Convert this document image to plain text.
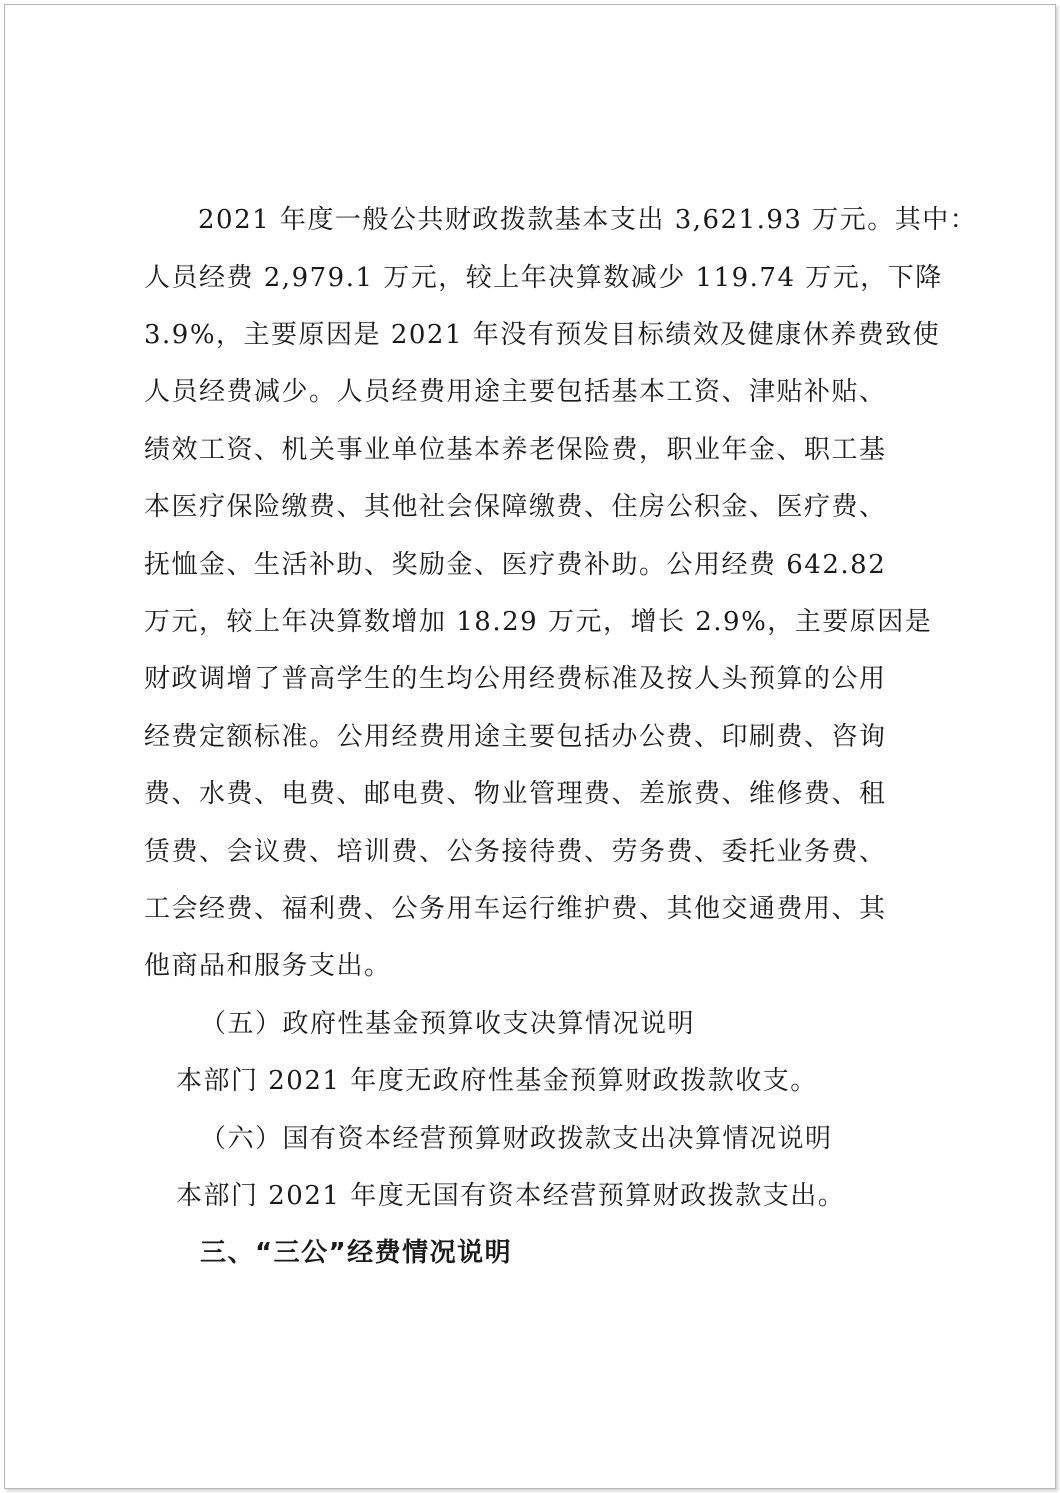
2021 年度一般公共财政拨款基本支出 3,621.93 万元。其中：
人员经费 2,979.1 万元，较上年决算数减少 119.74 万元，下降
3.9%，主要原因是 2021 年没有预发目标绩效及健康休养费致使
人员经费减少。人员经费用途主要包括基本工资、津贴补贴、
绩效工资、机关事业单位基本养老保险费，职业年金、职工基
本医疗保险缴费、其他社会保障缴费、住房公积金、医疗费、
抚恤金、生活补助、奖励金、医疗费补助。公用经费 642.82
万元，较上年决算数增加 18.29 万元，增长 2.9%，主要原因是
财政调增了普高学生的生均公用经费标准及按人头预算的公用
经费定额标准。公用经费用途主要包括办公费、印刷费、咨询
费、水费、电费、邮电费、物业管理费、差旅费、维修费、租
赁费、会议费、培训费、公务接待费、劳务费、委托业务费、
工会经费、福利费、公务用车运行维护费、其他交通费用、其
他商品和服务支出。
（五）政府性基金预算收支决算情况说明
本部门 2021 年度无政府性基金预算财政拨款收支。
（六）国有资本经营预算财政拨款支出决算情况说明
本部门 2021 年度无国有资本经营预算财政拨款支出。
三、“三公”经费情况说明
